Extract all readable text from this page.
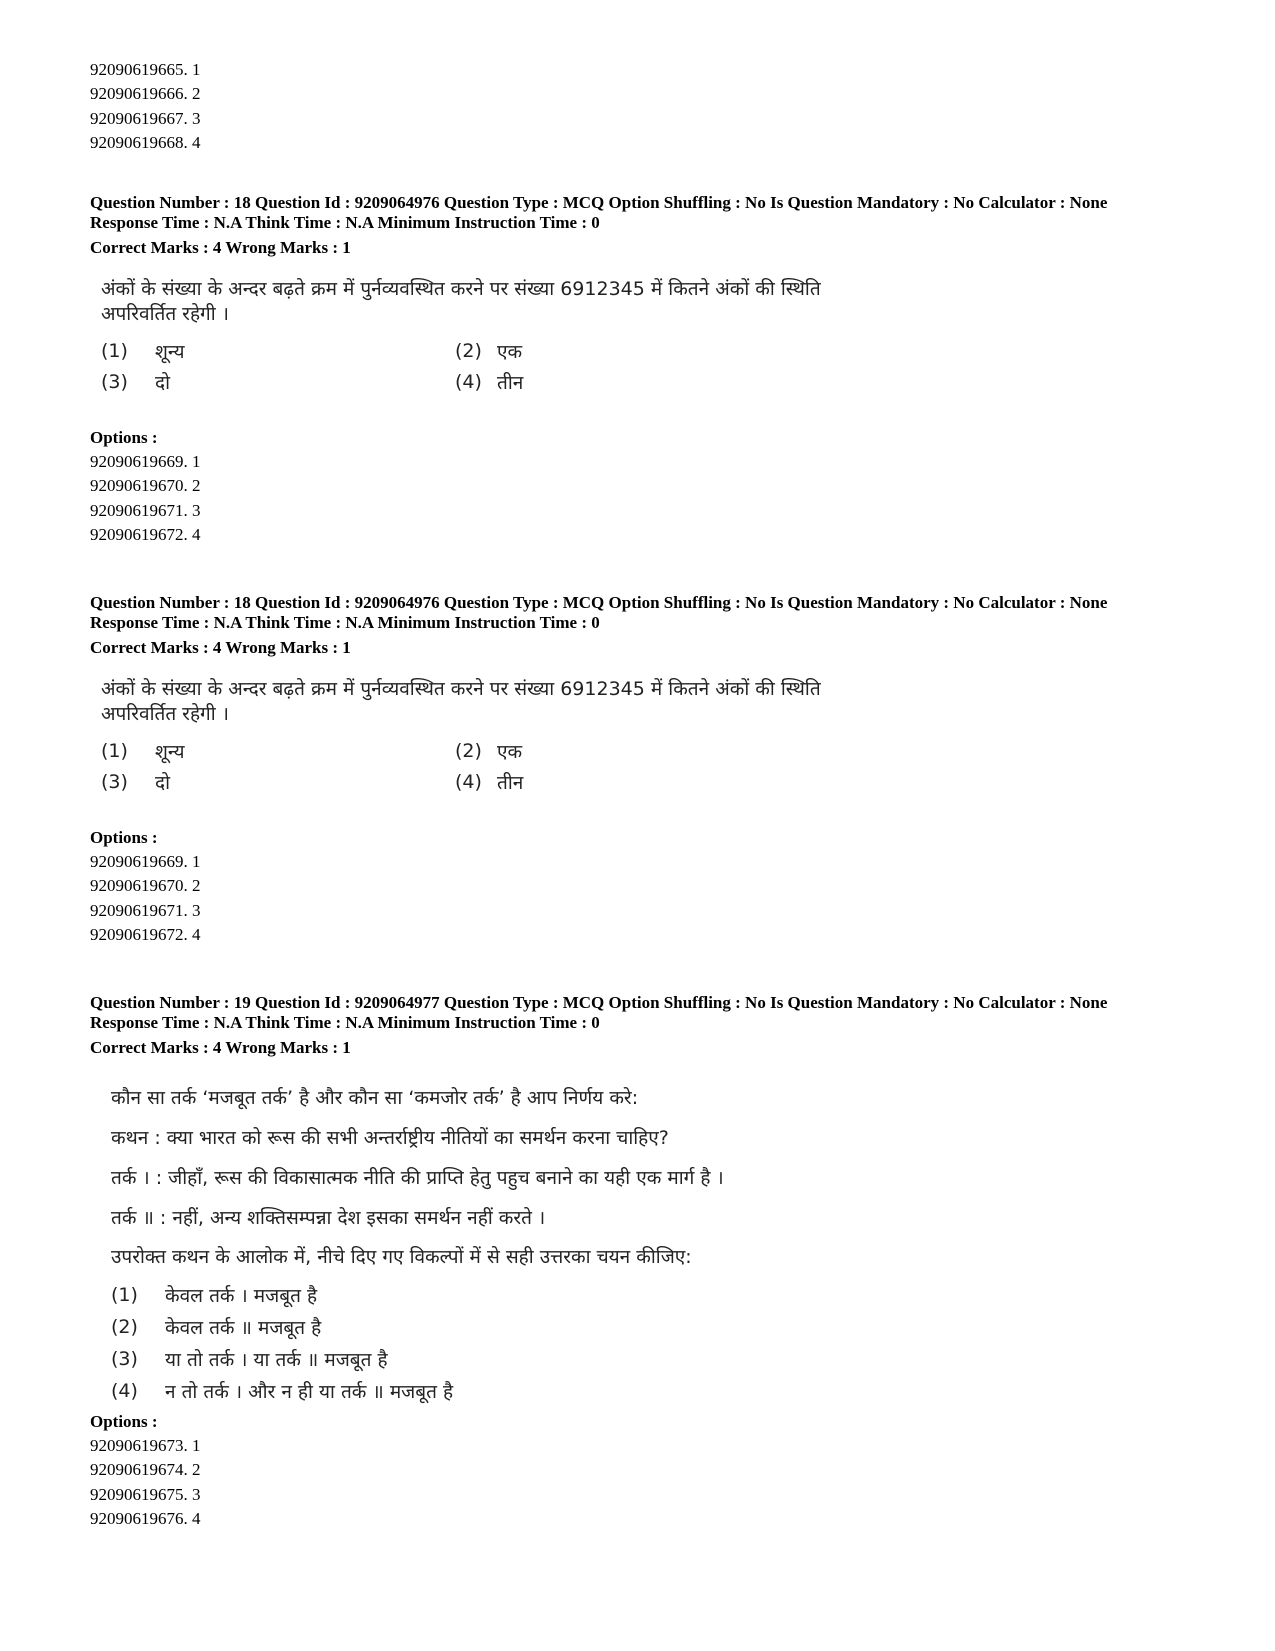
92090619665. 1
92090619666. 2
92090619667. 3
92090619668. 4
Question Number : 18 Question Id : 9209064976 Question Type : MCQ Option Shuffling : No Is Question Mandatory : No Calculator : None
Response Time : N.A Think Time : N.A Minimum Instruction Time : 0
Correct Marks : 4 Wrong Marks : 1
अंकों के संख्या के अन्दर बढ़ते क्रम में पुर्नव्यवस्थित करने पर संख्या 6912345 में कितने अंकों की स्थिति
अपरिवर्तित रहेगी ।
(1) शून्य	(2) एक
(3) दो	(4) तीन
Options :
92090619669. 1
92090619670. 2
92090619671. 3
92090619672. 4
Question Number : 18 Question Id : 9209064976 Question Type : MCQ Option Shuffling : No Is Question Mandatory : No Calculator : None
Response Time : N.A Think Time : N.A Minimum Instruction Time : 0
Correct Marks : 4 Wrong Marks : 1
अंकों के संख्या के अन्दर बढ़ते क्रम में पुर्नव्यवस्थित करने पर संख्या 6912345 में कितने अंकों की स्थिति
अपरिवर्तित रहेगी ।
(1) शून्य	(2) एक
(3) दो	(4) तीन
Options :
92090619669. 1
92090619670. 2
92090619671. 3
92090619672. 4
Question Number : 19 Question Id : 9209064977 Question Type : MCQ Option Shuffling : No Is Question Mandatory : No Calculator : None
Response Time : N.A Think Time : N.A Minimum Instruction Time : 0
Correct Marks : 4 Wrong Marks : 1
कौन सा तर्क ‘मजबूत तर्क’ है और कौन सा ‘कमजोर तर्क’ है आप निर्णय करे:
कथन : क्या भारत को रूस की सभी अन्तर्राष्ट्रीय नीतियों का समर्थन करना चाहिए?
तर्क । : जीहाँ, रूस की विकासात्मक नीति की प्राप्ति हेतु पहुच बनाने का यही एक मार्ग है ।
तर्क ॥ : नहीं, अन्य शक्तिसम्पन्ना देश इसका समर्थन नहीं करते ।
उपरोक्त कथन के आलोक में, नीचे दिए गए विकल्पों में से सही उत्तरका चयन कीजिए:
(1) केवल तर्क । मजबूत है
(2) केवल तर्क ॥ मजबूत है
(3) या तो तर्क । या तर्क ॥ मजबूत है
(4) न तो तर्क । और न ही या तर्क ॥ मजबूत है
Options :
92090619673. 1
92090619674. 2
92090619675. 3
92090619676. 4
